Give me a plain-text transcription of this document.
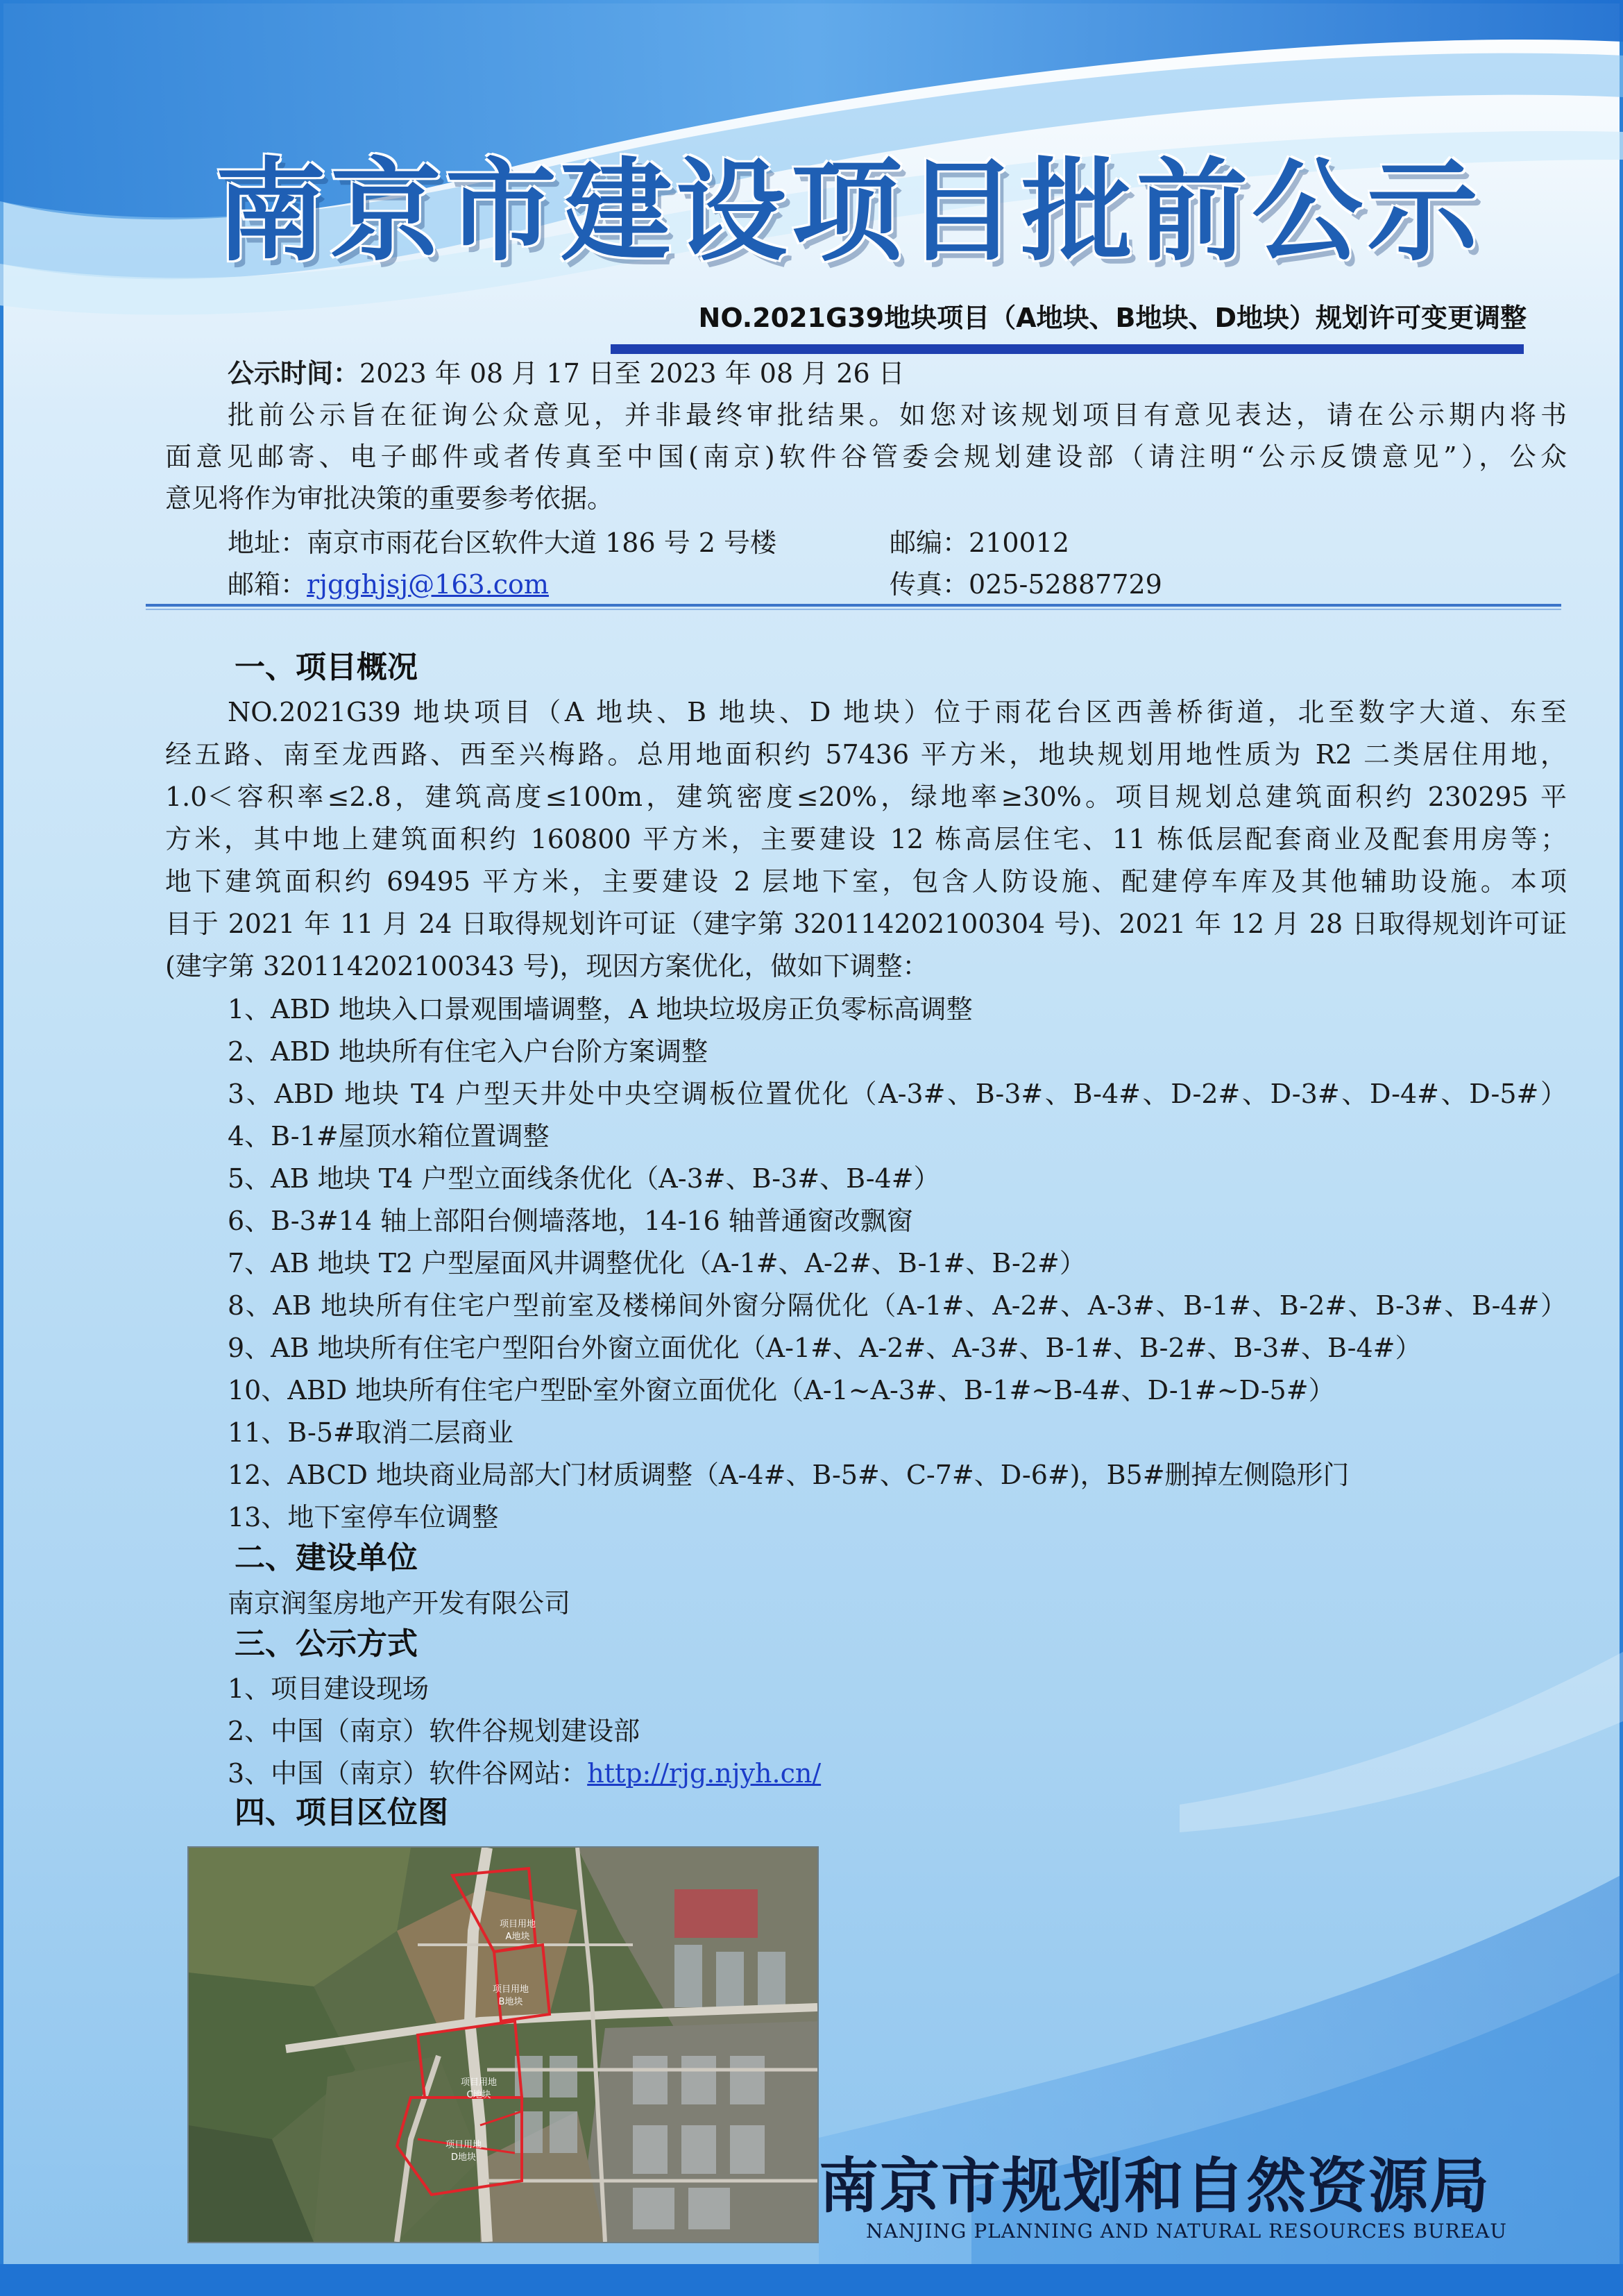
南京市建设项目批前公示
NO.2021G39地块项目（A地块、B地块、D地块）规划许可变更调整
公示时间：2023 年 08 月 17 日至 2023 年 08 月 26 日
批前公示旨在征询公众意见，并非最终审批结果。如您对该规划项目有意见表达，请在公示期内将书
面意见邮寄、电子邮件或者传真至中国(南京)软件谷管委会规划建设部（请注明“公示反馈意见”），公众
意见将作为审批决策的重要参考依据。
地址：南京市雨花台区软件大道 186 号 2 号楼	邮编：210012
邮箱：rjgghjsj@163.com	传真：025-52887729
一、项目概况
NO.2021G39 地块项目（A 地块、B 地块、D 地块）位于雨花台区西善桥街道，北至数字大道、东至
经五路、南至龙西路、西至兴梅路。总用地面积约 57436 平方米，地块规划用地性质为 R2 二类居住用地，
1.0＜容积率≤2.8，建筑高度≤100m，建筑密度≤20%，绿地率≥30%。项目规划总建筑面积约 230295 平
方米，其中地上建筑面积约 160800 平方米，主要建设 12 栋高层住宅、11 栋低层配套商业及配套用房等；
地下建筑面积约 69495 平方米，主要建设 2 层地下室，包含人防设施、配建停车库及其他辅助设施。本项
目于 2021 年 11 月 24 日取得规划许可证（建字第 320114202100304 号)、2021 年 12 月 28 日取得规划许可证
(建字第 320114202100343 号)，现因方案优化，做如下调整：
1、ABD 地块入口景观围墙调整，A 地块垃圾房正负零标高调整
2、ABD 地块所有住宅入户台阶方案调整
3、ABD 地块 T4 户型天井处中央空调板位置优化（A-3#、B-3#、B-4#、D-2#、D-3#、D-4#、D-5#）
4、B-1#屋顶水箱位置调整
5、AB 地块 T4 户型立面线条优化（A-3#、B-3#、B-4#）
6、B-3#14 轴上部阳台侧墙落地，14-16 轴普通窗改飘窗
7、AB 地块 T2 户型屋面风井调整优化（A-1#、A-2#、B-1#、B-2#）
8、AB 地块所有住宅户型前室及楼梯间外窗分隔优化（A-1#、A-2#、A-3#、B-1#、B-2#、B-3#、B-4#）
9、AB 地块所有住宅户型阳台外窗立面优化（A-1#、A-2#、A-3#、B-1#、B-2#、B-3#、B-4#）
10、ABD 地块所有住宅户型卧室外窗立面优化（A-1~A-3#、B-1#~B-4#、D-1#~D-5#）
11、B-5#取消二层商业
12、ABCD 地块商业局部大门材质调整（A-4#、B-5#、C-7#、D-6#)，B5#删掉左侧隐形门
13、地下室停车位调整
二、建设单位
南京润玺房地产开发有限公司
三、公示方式
1、项目建设现场
2、中国（南京）软件谷规划建设部
3、中国（南京）软件谷网站：http://rjg.njyh.cn/
四、项目区位图
项目用地
A地块
项目用地
B地块
项目用地
C地块
项目用地
D地块	南京市规划和自然资源局
NANJING PLANNING AND NATURAL RESOURCES BUREAU
